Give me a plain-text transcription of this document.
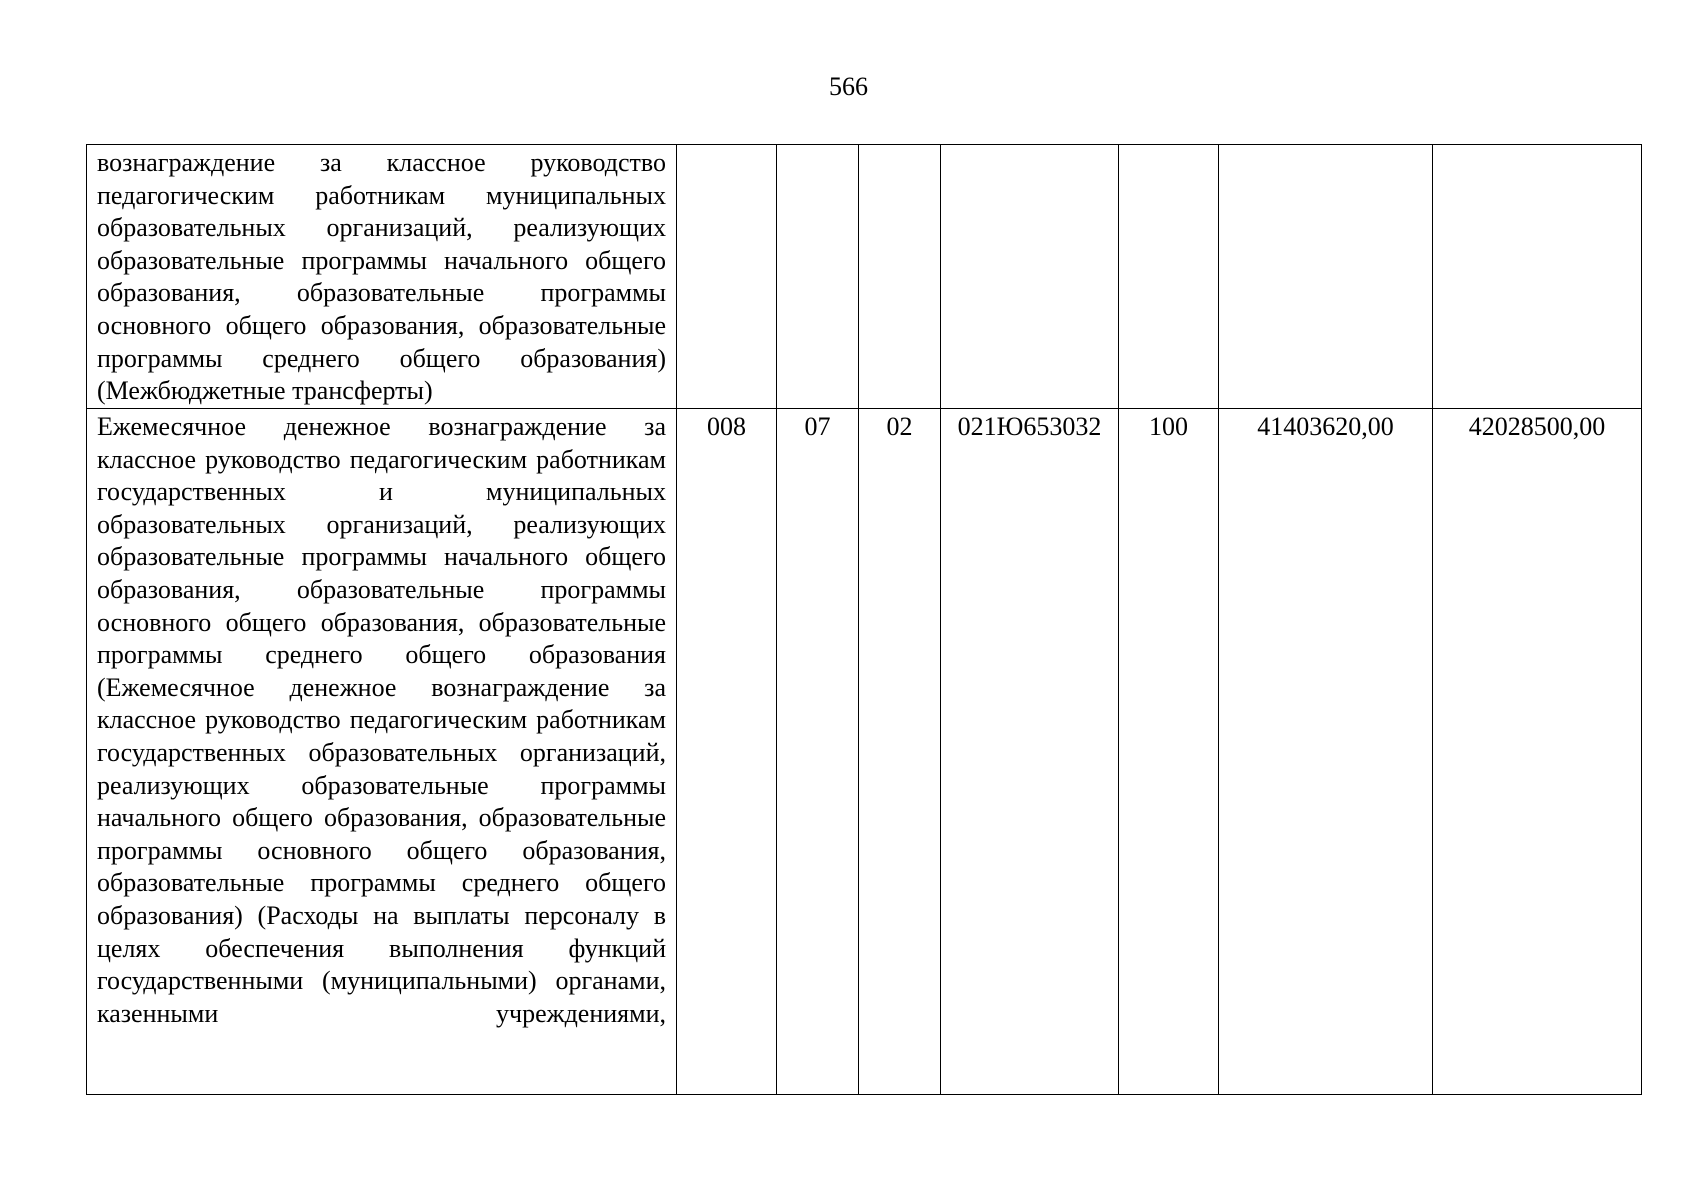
566
вознаграждение за классное руководство педагогическим работникам муниципальных образовательных организаций, реализующих образовательные программы начального общего образования, образовательные программы основного общего образования, образовательные программы среднего общего образования) (Межбюджетные трансферты)							
Ежемесячное денежное вознаграждение за классное руководство педагогическим работникам государственных и муниципальных образовательных организаций, реализующих образовательные программы начального общего образования, образовательные программы основного общего образования, образовательные программы среднего общего образования (Ежемесячное денежное вознаграждение за классное руководство педагогическим работникам государственных образовательных организаций, реализующих образовательные программы начального общего образования, образовательные программы основного общего образования, образовательные программы среднего общего образования) (Расходы на выплаты персоналу в целях обеспечения выполнения функций государственными (муниципальными) органами, казенными учреждениями,	008	07	02	021Ю653032	100	41403620,00	42028500,00
